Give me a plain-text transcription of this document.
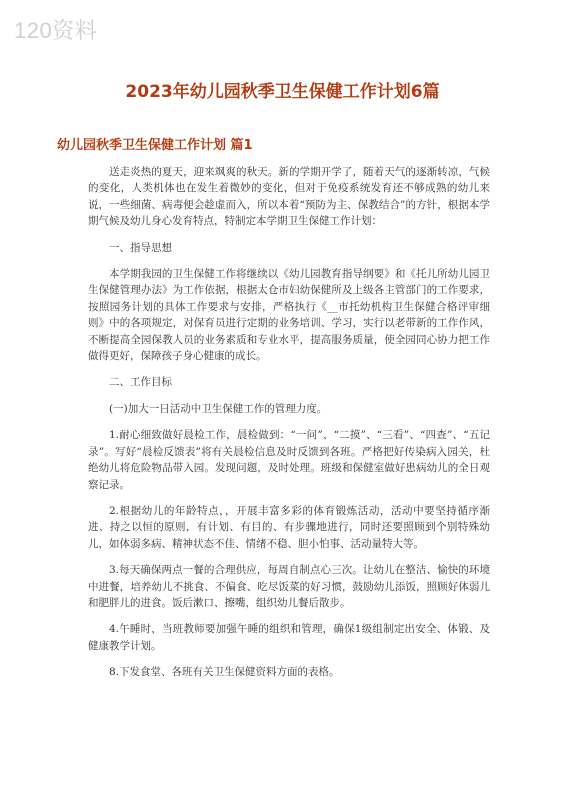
120资料
2023年幼儿园秋季卫生保健工作计划6篇
幼儿园秋季卫生保健工作计划 篇1

送走炎热的夏天，迎来飒爽的秋天。新的学期开学了，随着天气的逐渐转凉，气候的变化，人类机体也在发生着微妙的变化，但对于免疫系统发育还不够成熟的幼儿来说，一些细菌、病毒便会趁虚而入，所以本着“预防为主、保教结合”的方针，根据本学期气候及幼儿身心发育特点，特制定本学期卫生保健工作计划：

一、指导思想

本学期我园的卫生保健工作将继续以《幼儿园教育指导纲要》和《托儿所幼儿园卫生保健管理办法》为工作依据，根据太仓市妇幼保健所及上级各主管部门的工作要求，按照园务计划的具体工作要求与安排，严格执行《__市托幼机构卫生保健合格评审细则》中的各项规定，对保育员进行定期的业务培训、学习，实行以老带新的工作作风，不断提高全园保教人员的业务素质和专业水平，提高服务质量，使全园同心协力把工作做得更好，保障孩子身心健康的成长。

二、工作目标

(一)加大一日活动中卫生保健工作的管理力度。

1.耐心细致做好晨检工作，晨检做到：“一问”、“二摸”、“三看”、“四查”、“五记录”。写好“晨检反馈表”将有关晨检信息及时反馈到各班。严格把好传染病入园关，杜绝幼儿将危险物品带入园。发现问题，及时处理。班级和保健室做好患病幼儿的全日观察记录。

2.根据幼儿的年龄特点，，开展丰富多彩的体育锻炼活动，活动中要坚持循序渐进、持之以恒的原则，有计划、有目的、有步骤地进行，同时还要照顾到个别特殊幼儿，如体弱多病、精神状态不佳、情绪不稳、胆小怕事、活动量特大等。

3.每天确保两点一餐的合理供应，每周自制点心三次。让幼儿在整洁、愉快的环境中进餐，培养幼儿不挑食、不偏食、吃尽饭菜的好习惯，鼓励幼儿添饭，照顾好体弱儿和肥胖儿的进食。饭后漱口、擦嘴，组织幼儿餐后散步。

4.午睡时，当班教师要加强午睡的组织和管理，确保1级组制定出安全、体锻、及健康教学计划。

8.下发食堂、各班有关卫生保健资料方面的表格。
